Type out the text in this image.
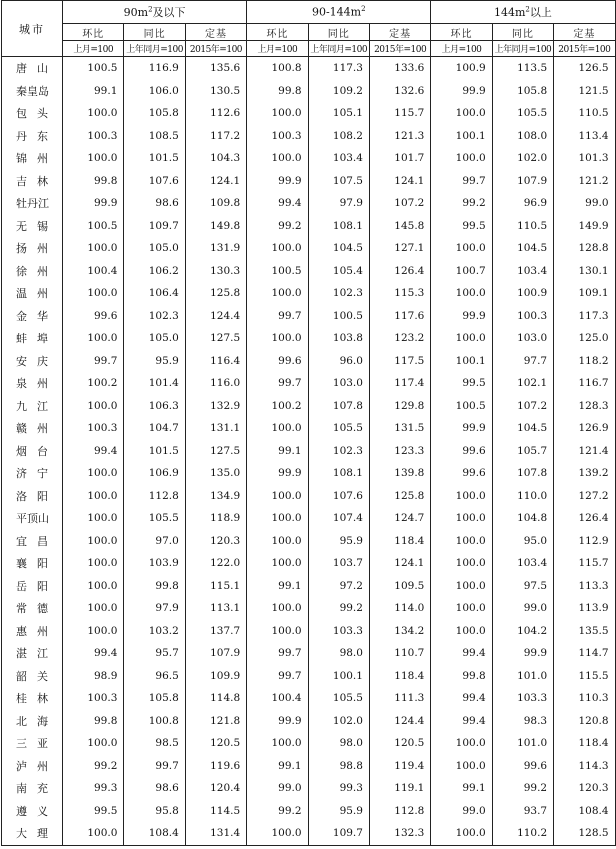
城市	$90m^2$及以下			$90-144m^2$			$144m^2$以上		
	环比	同比	定基	环比	同比	定基	环比	同比	定基
	上月=100	上年同月=100	2015年=100	上月=100	上年同月=100	2015年=100	上月=100	上年同月=100	2015年=100
唐山	100.5	116.9	135.6	100.8	117.3	133.6	100.9	113.5	126.5
秦皇岛	99.1	106.0	130.5	99.8	109.2	132.6	99.9	105.8	121.5
包头	100.0	105.8	112.6	100.0	105.1	115.7	100.0	105.5	110.5
丹东	100.3	108.5	117.2	100.3	108.2	121.3	100.1	108.0	113.4
锦州	100.0	101.5	104.3	100.0	103.4	101.7	100.0	102.0	101.3
吉林	99.8	107.6	124.1	99.9	107.5	124.1	99.7	107.9	121.2
牡丹江	99.9	98.6	109.8	99.4	97.9	107.2	99.2	96.9	99.0
无锡	100.5	109.7	149.8	99.2	108.1	145.8	99.5	110.5	149.9
扬州	100.0	105.0	131.9	100.0	104.5	127.1	100.0	104.5	128.8
徐州	100.4	106.2	130.3	100.5	105.4	126.4	100.7	103.4	130.1
温州	100.0	106.4	125.8	100.0	102.3	115.3	100.0	100.9	109.1
金华	99.6	102.3	124.4	99.7	100.5	117.6	99.9	100.3	117.3
蚌埠	100.0	105.0	127.5	100.0	103.8	123.2	100.0	103.0	125.0
安庆	99.7	95.9	116.4	99.6	96.0	117.5	100.1	97.7	118.2
泉州	100.2	101.4	116.0	99.7	103.0	117.4	99.5	102.1	116.7
九江	100.0	106.3	132.9	100.2	107.8	129.8	100.5	107.2	128.3
赣州	100.3	104.7	131.1	100.0	105.5	131.5	99.9	104.5	126.9
烟台	99.4	101.5	127.5	99.1	102.3	123.3	99.6	105.7	121.4
济宁	100.0	106.9	135.0	99.9	108.1	139.8	99.6	107.8	139.2
洛阳	100.0	112.8	134.9	100.0	107.6	125.8	100.0	110.0	127.2
平顶山	100.0	105.5	118.9	100.0	107.4	124.7	100.0	104.8	126.4
宜昌	100.0	97.0	120.3	100.0	95.9	118.4	100.0	95.0	112.9
襄阳	100.0	103.9	122.0	100.0	103.7	124.1	100.0	103.4	115.7
岳阳	100.0	99.8	115.1	99.1	97.2	109.5	100.0	97.5	113.3
常德	100.0	97.9	113.1	100.0	99.2	114.0	100.0	99.0	113.9
惠州	100.0	103.2	137.7	100.0	103.3	134.2	100.0	104.2	135.5
湛江	99.4	95.7	107.9	99.7	98.0	110.7	99.4	99.9	114.7
韶关	98.9	96.5	109.9	99.7	100.1	118.4	99.8	101.0	115.5
桂林	100.3	105.8	114.8	100.4	105.5	111.3	99.4	103.3	110.3
北海	99.8	100.8	121.8	99.9	102.0	124.4	99.4	98.3	120.8
三亚	100.0	98.5	120.5	100.0	98.0	120.5	100.0	101.0	118.4
泸州	99.2	99.7	119.6	99.1	98.8	119.4	100.0	99.6	114.3
南充	99.3	98.6	120.4	99.0	99.3	119.1	99.1	99.2	120.3
遵义	99.5	95.8	114.5	99.2	95.9	112.8	99.0	93.7	108.4
大理	100.0	108.4	131.4	100.0	109.7	132.3	100.0	110.2	128.5
